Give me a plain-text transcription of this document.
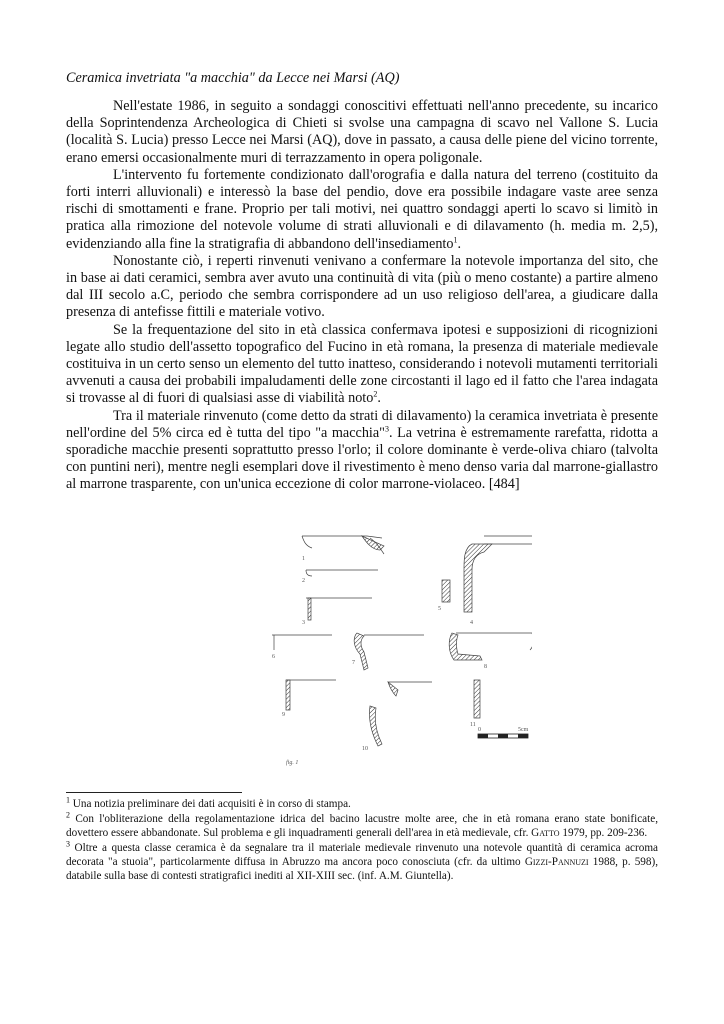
Ceramica invetriata "a macchia" da Lecce nei Marsi (AQ)

Nell'estate 1986, in seguito a sondaggi conoscitivi effettuati nell'anno precedente, su incarico della Soprintendenza Archeologica di Chieti si svolse una campagna di scavo nel Vallone S. Lucia (località S. Lucia) presso Lecce nei Marsi (AQ), dove in passato, a causa delle piene del vicino torrente, erano emersi occasionalmente muri di terrazzamento in opera poligonale.

L'intervento fu fortemente condizionato dall'orografia e dalla natura del terreno (costituito da forti interri alluvionali) e interessò la base del pendio, dove era possibile indagare vaste aree senza rischi di smottamenti e frane. Proprio per tali motivi, nei quattro sondaggi aperti lo scavo si limitò in pratica alla rimozione del notevole volume di strati alluvionali e di dilavamento (h. media m. 2,5), evidenziando alla fine la stratigrafia di abbandono dell'insediamento$^1$.

Nonostante ciò, i reperti rinvenuti venivano a confermare la notevole importanza del sito, che in base ai dati ceramici, sembra aver avuto una continuità di vita (più o meno costante) a partire almeno dal III secolo a.C, periodo che sembra corrispondere ad un uso religioso dell'area, a giudicare dalla presenza di antefisse fittili e materiale votivo.

Se la frequentazione del sito in età classica confermava ipotesi e supposizioni di ricognizioni legate allo studio dell'assetto topografico del Fucino in età romana, la presenza di materiale medievale costituiva in un certo senso un elemento del tutto inatteso, considerando i notevoli mutamenti territoriali avvenuti a causa dei probabili impaludamenti delle zone circostanti il lago ed il fatto che l'area indagata si trovasse al di fuori di qualsiasi asse di viabilità noto$^2$.

Tra il materiale rinvenuto (come detto da strati di dilavamento) la ceramica invetriata è presente nell'ordine del 5% circa ed è tutta del tipo "a macchia"$^3$. La vetrina è estremamente rarefatta, ridotta a sporadiche macchie presenti soprattutto presso l'orlo; il colore dominante è verde-oliva chiaro (talvolta con puntini neri), mentre negli esemplari dove il rivestimento è meno denso varia dal marrone-giallastro al marrone trasparente, con un'unica eccezione di color marrone-violaceo. [484]

0	5cm
1
2
3	4
5
6
7
8
9
10
11
fig. 1

$^1$ Una notizia preliminare dei dati acquisiti è in corso di stampa.

$^2$ Con l'obliterazione della regolamentazione idrica del bacino lacustre molte aree, che in età romana erano state bonificate, dovettero essere abbandonate. Sul problema e gli inquadramenti generali dell'area in età medievale, cfr. Gatto 1979, pp. 209-236.

$^3$ Oltre a questa classe ceramica è da segnalare tra il materiale medievale rinvenuto una notevole quantità di ceramica acroma decorata "a stuoia", particolarmente diffusa in Abruzzo ma ancora poco conosciuta (cfr. da ultimo Gizzi-Pannuzi 1988, p. 598), databile sulla base di contesti stratigrafici inediti al XII-XIII sec. (inf. A.M. Giuntella).
